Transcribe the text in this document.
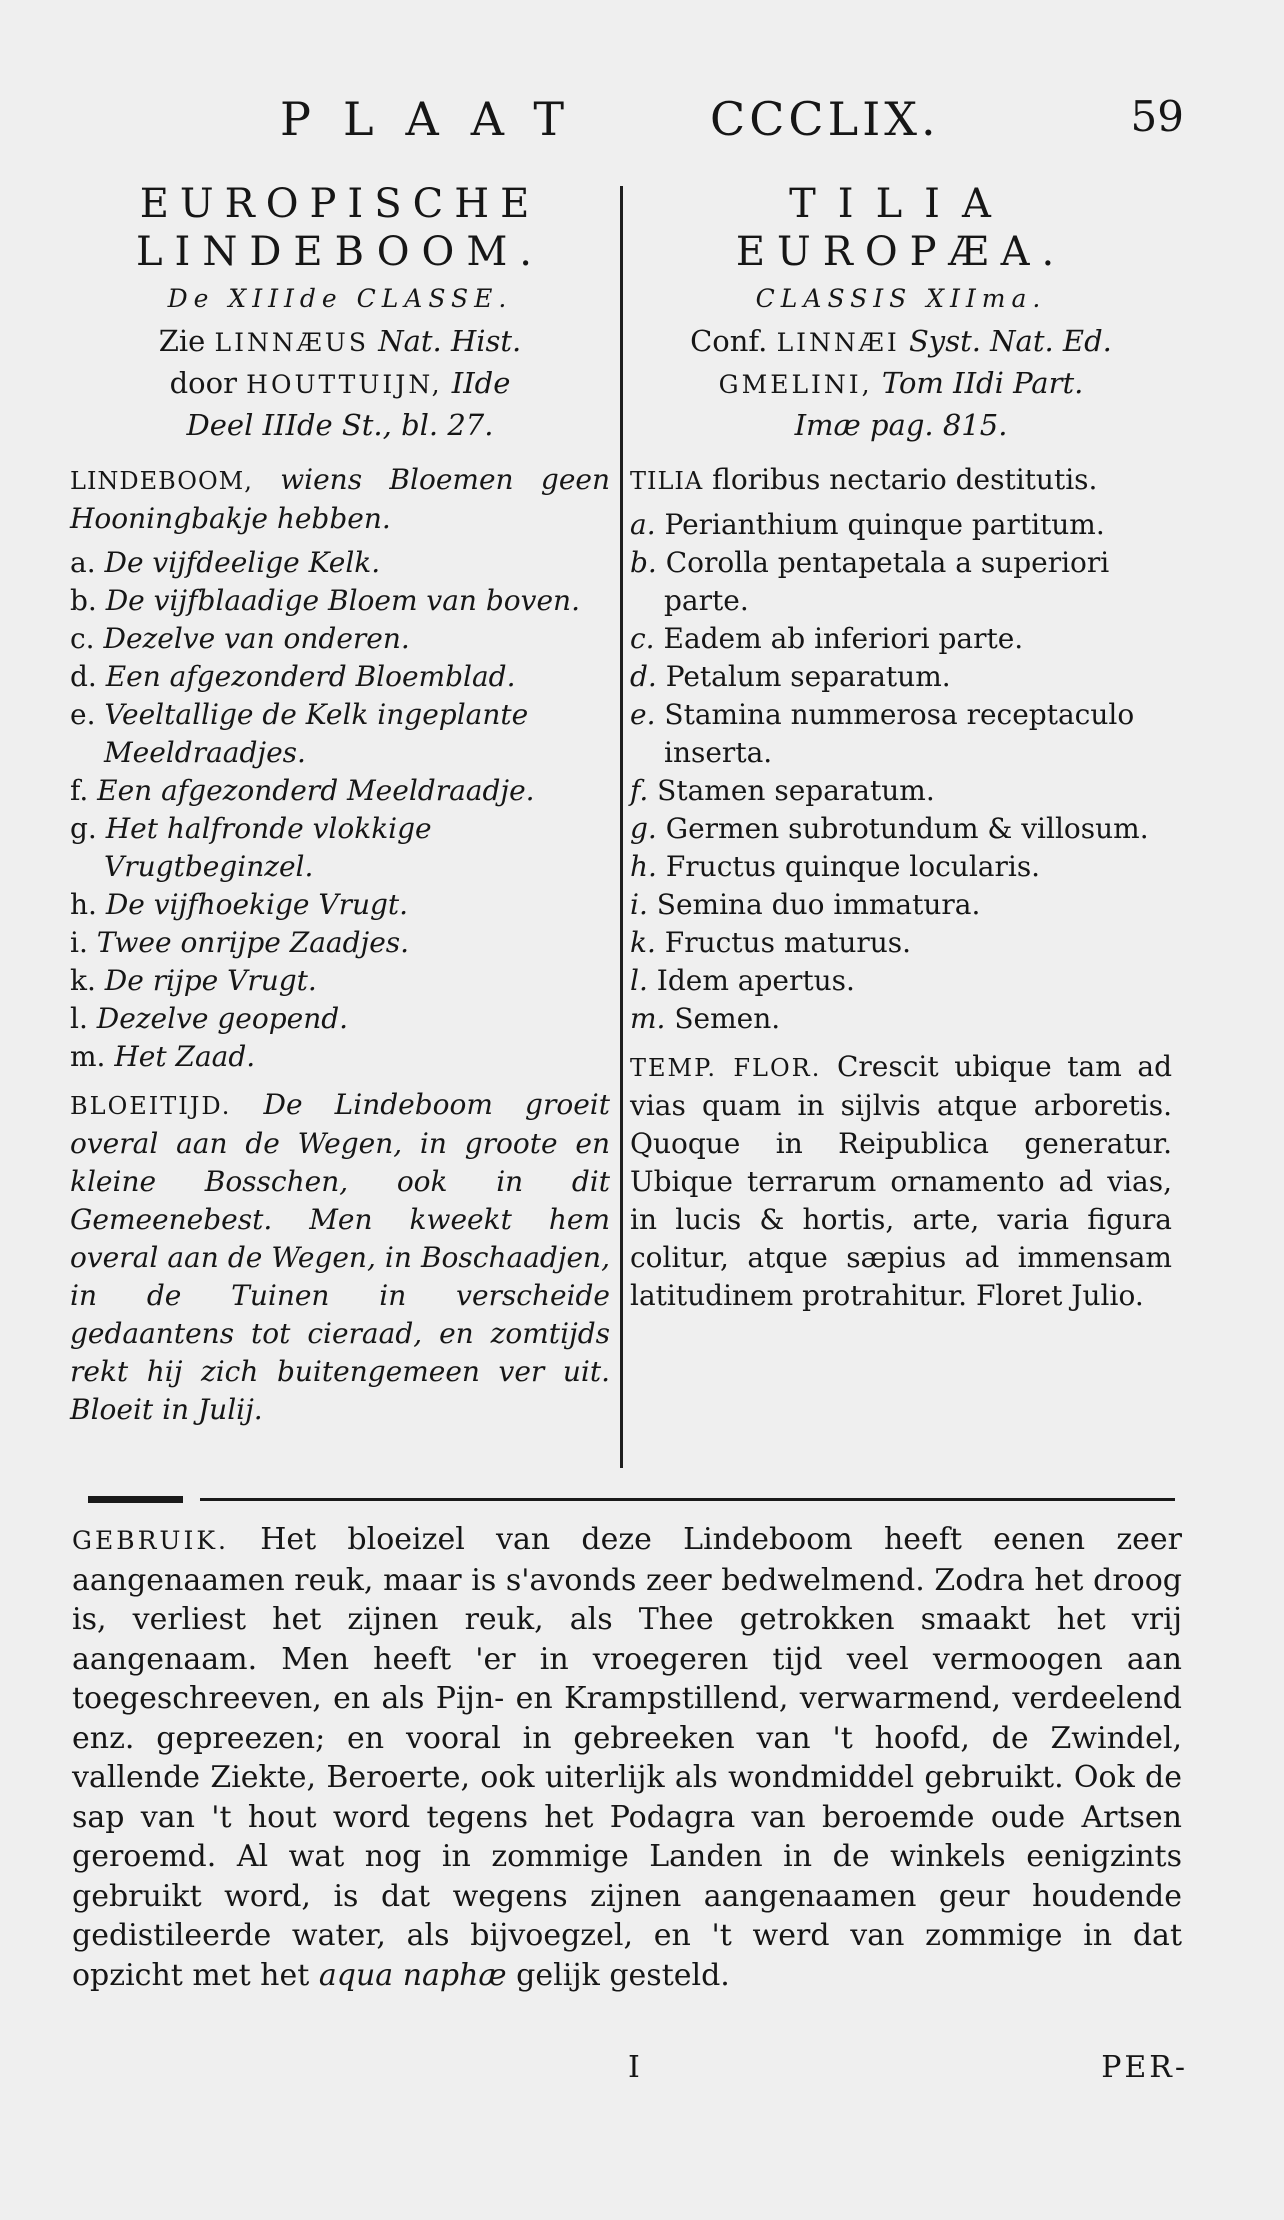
PLAAT CCCLIX.	59

EUROPISCHE

LINDEBOOM.

De XIIIde CLASSE.
Zie LINNÆUS Nat. Hist.
door HOUTTUIJN, IIde
Deel IIIde St., bl. 27.
LINDEBOOM, wiens Bloemen geen Hooningbakje hebben.
a. De vijfdeelige Kelk.
b. De vijfblaadige Bloem van boven.
c. Dezelve van onderen.
d. Een afgezonderd Bloemblad.
e. Veeltallige de Kelk ingeplante Meeldraadjes.
f. Een afgezonderd Meeldraadje.
g. Het halfronde vlokkige Vrugtbeginzel.
h. De vijfhoekige Vrugt.
i. Twee onrijpe Zaadjes.
k. De rijpe Vrugt.
l. Dezelve geopend.
m. Het Zaad.
BLOEITIJD. De Lindeboom groeit overal aan de Wegen, in groote en kleine Bosschen, ook in dit Gemeenebest. Men kweekt hem overal aan de Wegen, in Boschaadjen, in de Tuinen in verscheide gedaantens tot cieraad, en zomtijds rekt hij zich buitengemeen ver uit. Bloeit in Julij.

TILIA

EUROPÆA.

CLASSIS XIIma.
Conf. LINNÆI Syst. Nat. Ed.
GMELINI, Tom IIdi Part.
Imæ pag. 815.
TILIA floribus nectario destitutis.
a. Perianthium quinque partitum.
b. Corolla pentapetala a superiori parte.
c. Eadem ab inferiori parte.
d. Petalum separatum.
e. Stamina nummerosa receptaculo inserta.
f. Stamen separatum.
g. Germen subrotundum & villosum.
h. Fructus quinque locularis.
i. Semina duo immatura.
k. Fructus maturus.
l. Idem apertus.
m. Semen.
TEMP. FLOR. Crescit ubique tam ad vias quam in sijlvis atque arboretis. Quoque in Reipublica generatur. Ubique terrarum ornamento ad vias, in lucis & hortis, arte, varia figura colitur, atque sæpius ad immensam latitudinem protrahitur. Floret Julio.
GEBRUIK. Het bloeizel van deze Lindeboom heeft eenen zeer aangenaamen reuk, maar is s'avonds zeer bedwelmend. Zodra het droog is, verliest het zijnen reuk, als Thee getrokken smaakt het vrij aangenaam. Men heeft 'er in vroegeren tijd veel vermoogen aan toegeschreeven, en als Pijn- en Krampstillend, verwarmend, verdeelend enz. gepreezen; en vooral in gebreeken van 't hoofd, de Zwindel, vallende Ziekte, Beroerte, ook uiterlijk als wondmiddel gebruikt. Ook de sap van 't hout word tegens het Podagra van beroemde oude Artsen geroemd. Al wat nog in zommige Landen in de winkels eenigzints gebruikt word, is dat wegens zijnen aangenaamen geur houdende gedistileerde water, als bijvoegzel, en 't werd van zommige in dat opzicht met het aqua naphæ gelijk gesteld.
I	PER-
